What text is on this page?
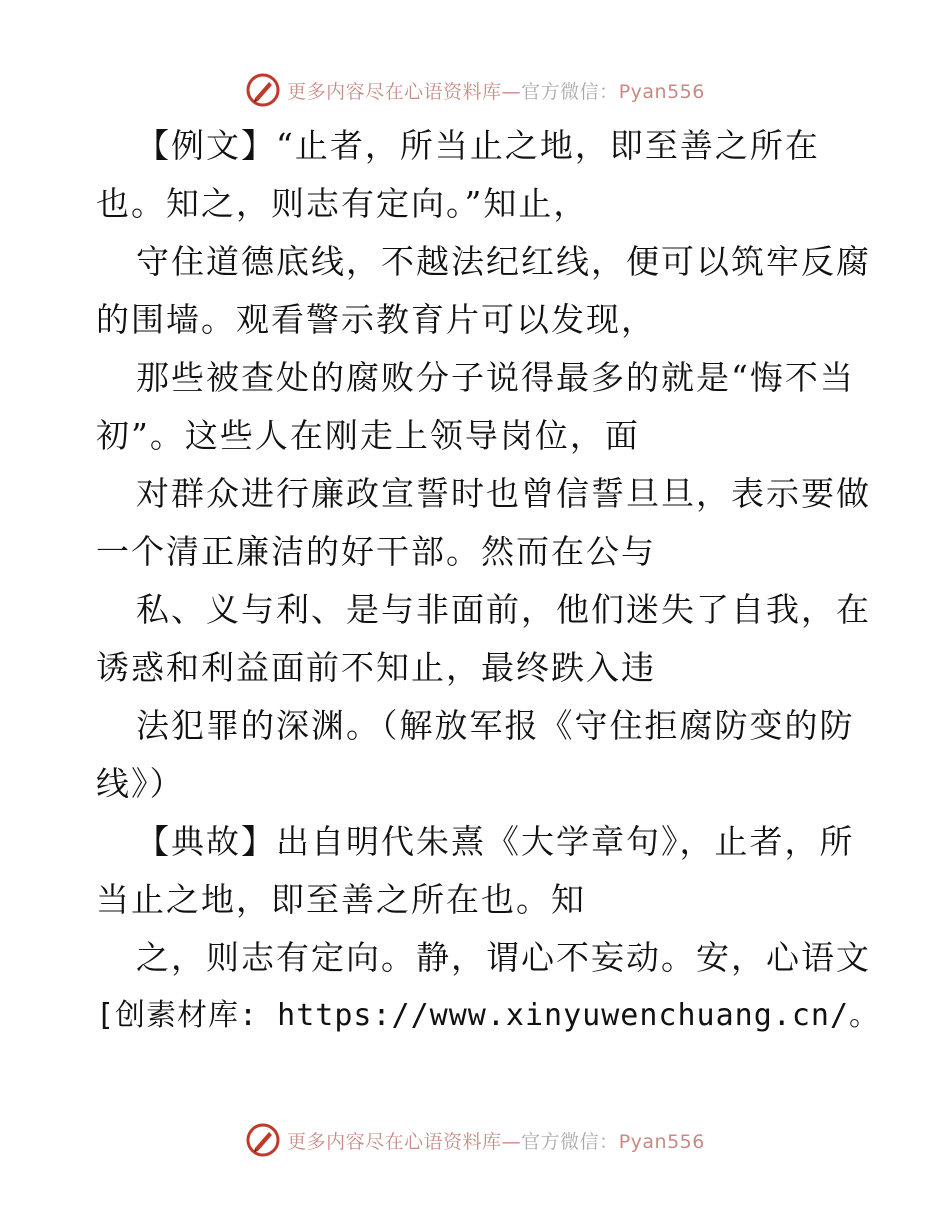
更多内容尽在心语资料库—官方微信：Pyan556
【例文】“止者，所当止之地，即至善之所在
也。知之，则志有定向。”知止，
守住道德底线，不越法纪红线，便可以筑牢反腐
的围墙。观看警示教育片可以发现，
那些被查处的腐败分子说得最多的就是“悔不当
初”。这些人在刚走上领导岗位，面
对群众进行廉政宣誓时也曾信誓旦旦，表示要做
一个清正廉洁的好干部。然而在公与
私、义与利、是与非面前，他们迷失了自我，在
诱惑和利益面前不知止，最终跌入违
法犯罪的深渊。（解放军报《守住拒腐防变的防
线》）
【典故】出自明代朱熹《大学章句》，止者，所
当止之地，即至善之所在也。知
之，则志有定向。静，谓心不妄动。安，心语文
[创素材库: https://www.xinyuwenchuang.cn/。
更多内容尽在心语资料库—官方微信：Pyan556
